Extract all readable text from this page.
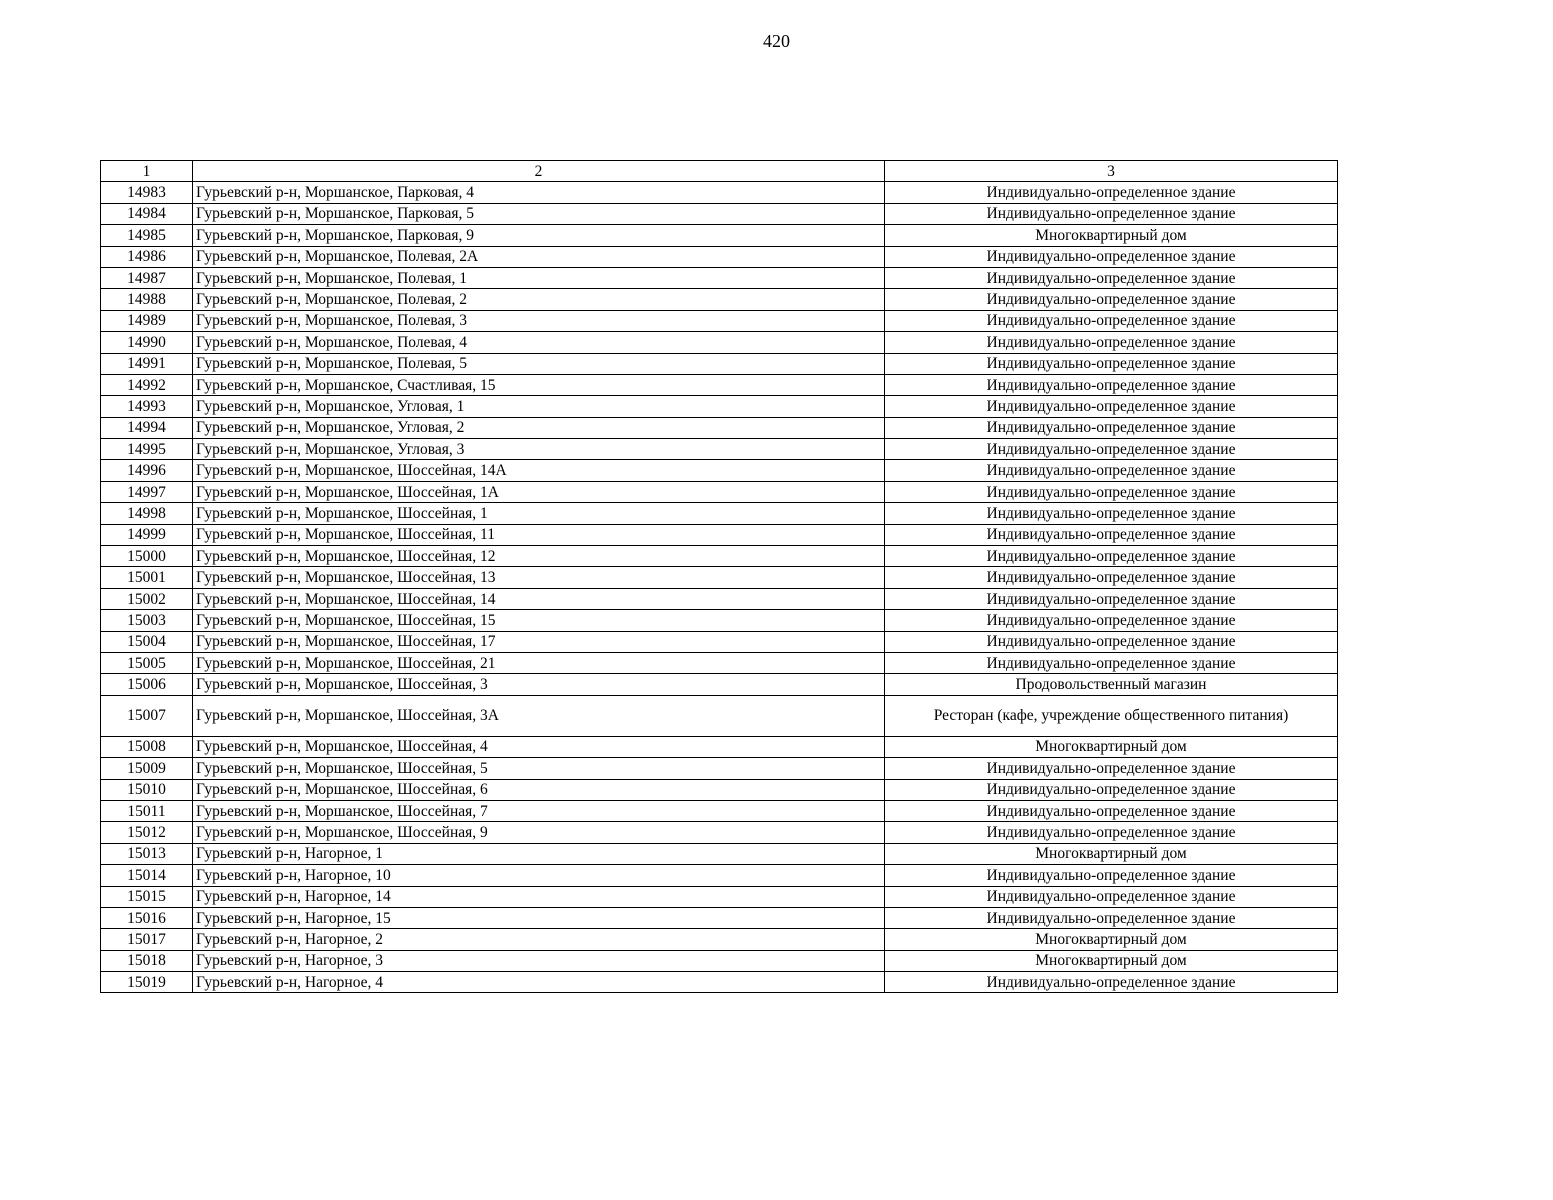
420
1	2	3
14983	Гурьевский р-н, Моршанское, Парковая, 4	Индивидуально-определенное здание
14984	Гурьевский р-н, Моршанское, Парковая, 5	Индивидуально-определенное здание
14985	Гурьевский р-н, Моршанское, Парковая, 9	Многоквартирный дом
14986	Гурьевский р-н, Моршанское, Полевая, 2А	Индивидуально-определенное здание
14987	Гурьевский р-н, Моршанское, Полевая, 1	Индивидуально-определенное здание
14988	Гурьевский р-н, Моршанское, Полевая, 2	Индивидуально-определенное здание
14989	Гурьевский р-н, Моршанское, Полевая, 3	Индивидуально-определенное здание
14990	Гурьевский р-н, Моршанское, Полевая, 4	Индивидуально-определенное здание
14991	Гурьевский р-н, Моршанское, Полевая, 5	Индивидуально-определенное здание
14992	Гурьевский р-н, Моршанское, Счастливая, 15	Индивидуально-определенное здание
14993	Гурьевский р-н, Моршанское, Угловая, 1	Индивидуально-определенное здание
14994	Гурьевский р-н, Моршанское, Угловая, 2	Индивидуально-определенное здание
14995	Гурьевский р-н, Моршанское, Угловая, 3	Индивидуально-определенное здание
14996	Гурьевский р-н, Моршанское, Шоссейная, 14А	Индивидуально-определенное здание
14997	Гурьевский р-н, Моршанское, Шоссейная, 1А	Индивидуально-определенное здание
14998	Гурьевский р-н, Моршанское, Шоссейная, 1	Индивидуально-определенное здание
14999	Гурьевский р-н, Моршанское, Шоссейная, 11	Индивидуально-определенное здание
15000	Гурьевский р-н, Моршанское, Шоссейная, 12	Индивидуально-определенное здание
15001	Гурьевский р-н, Моршанское, Шоссейная, 13	Индивидуально-определенное здание
15002	Гурьевский р-н, Моршанское, Шоссейная, 14	Индивидуально-определенное здание
15003	Гурьевский р-н, Моршанское, Шоссейная, 15	Индивидуально-определенное здание
15004	Гурьевский р-н, Моршанское, Шоссейная, 17	Индивидуально-определенное здание
15005	Гурьевский р-н, Моршанское, Шоссейная, 21	Индивидуально-определенное здание
15006	Гурьевский р-н, Моршанское, Шоссейная, 3	Продовольственный магазин
15007	Гурьевский р-н, Моршанское, Шоссейная, 3А	Ресторан (кафе, учреждение общественного питания)
15008	Гурьевский р-н, Моршанское, Шоссейная, 4	Многоквартирный дом
15009	Гурьевский р-н, Моршанское, Шоссейная, 5	Индивидуально-определенное здание
15010	Гурьевский р-н, Моршанское, Шоссейная, 6	Индивидуально-определенное здание
15011	Гурьевский р-н, Моршанское, Шоссейная, 7	Индивидуально-определенное здание
15012	Гурьевский р-н, Моршанское, Шоссейная, 9	Индивидуально-определенное здание
15013	Гурьевский р-н, Нагорное, 1	Многоквартирный дом
15014	Гурьевский р-н, Нагорное, 10	Индивидуально-определенное здание
15015	Гурьевский р-н, Нагорное, 14	Индивидуально-определенное здание
15016	Гурьевский р-н, Нагорное, 15	Индивидуально-определенное здание
15017	Гурьевский р-н, Нагорное, 2	Многоквартирный дом
15018	Гурьевский р-н, Нагорное, 3	Многоквартирный дом
15019	Гурьевский р-н, Нагорное, 4	Индивидуально-определенное здание
